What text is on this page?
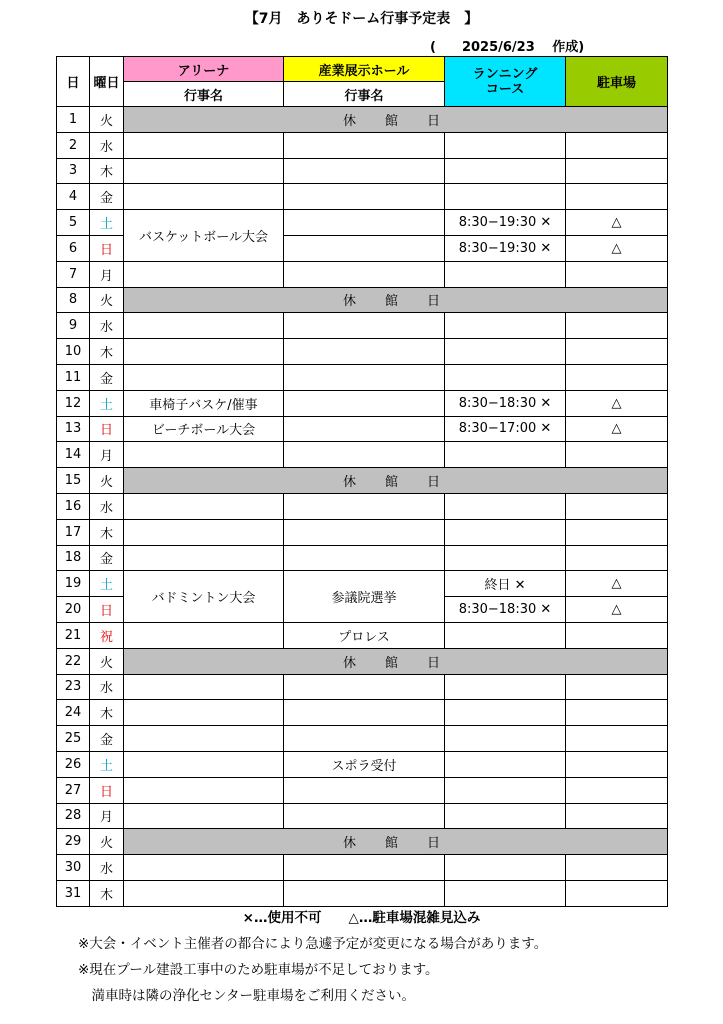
【7月　ありそドーム行事予定表　】
(　　2025/6/23　 作成)
日	曜日	アリーナ	産業展示ホール	ランニング
コース	駐車場
		行事名	行事名		
1	火	休　館　日			
2	水				
3	木				
4	金				
5	土	バスケットボール大会		8:30−19:30 ✕	△
6	日			8:30−19:30 ✕	△
7	月				
8	火	休　館　日			
9	水				
10	木				
11	金				
12	土	車椅子バスケ/催事		8:30−18:30 ✕	△
13	日	ビーチボール大会		8:30−17:00 ✕	△
14	月				
15	火	休　館　日			
16	水				
17	木				
18	金				
19	土	バドミントン大会	参議院選挙	終日 ✕	△
20	日			8:30−18:30 ✕	△
21	祝		プロレス		
22	火	休　館　日			
23	水				
24	木				
25	金				
26	土		スポラ受付		
27	日				
28	月				
29	火	休　館　日			
30	水				
31	木				
×…使用不可　　△…駐車場混雑見込み
※大会・イベント主催者の都合により急遽予定が変更になる場合があります。
※現在プール建設工事中のため駐車場が不足しております。
　満車時は隣の浄化センター駐車場をご利用ください。
